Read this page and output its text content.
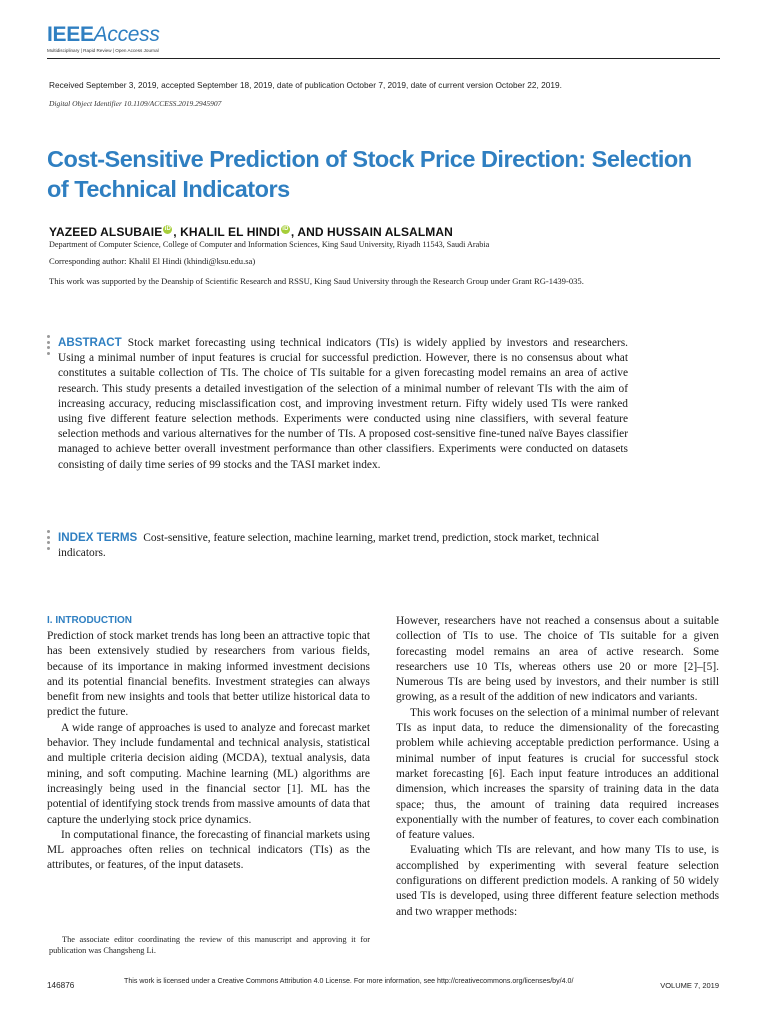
IEEEAccess
Multidisciplinary | Rapid Review | Open Access Journal
Received September 3, 2019, accepted September 18, 2019, date of publication October 7, 2019, date of current version October 22, 2019.
Digital Object Identifier 10.1109/ACCESS.2019.2945907
Cost-Sensitive Prediction of Stock Price Direction: Selection of Technical Indicators
YAZEED ALSUBAIE iD , KHALIL EL HINDI iD , AND HUSSAIN ALSALMAN
Department of Computer Science, College of Computer and Information Sciences, King Saud University, Riyadh 11543, Saudi Arabia
Corresponding author: Khalil El Hindi (khindi@ksu.edu.sa)
This work was supported by the Deanship of Scientific Research and RSSU, King Saud University through the Research Group under Grant RG-1439-035.
ABSTRACT Stock market forecasting using technical indicators (TIs) is widely applied by investors and researchers. Using a minimal number of input features is crucial for successful prediction. However, there is no consensus about what constitutes a suitable collection of TIs. The choice of TIs suitable for a given forecasting model remains an area of active research. This study presents a detailed investigation of the selection of a minimal number of relevant TIs with the aim of increasing accuracy, reducing misclassification cost, and improving investment return. Fifty widely used TIs were ranked using five different feature selection methods. Experiments were conducted using nine classifiers, with several feature selection methods and various alternatives for the number of TIs. A proposed cost-sensitive fine-tuned naïve Bayes classifier managed to achieve better overall investment performance than other classifiers. Experiments were conducted on datasets consisting of daily time series of 99 stocks and the TASI market index.
INDEX TERMS Cost-sensitive, feature selection, machine learning, market trend, prediction, stock market, technical indicators.
I. INTRODUCTION

Prediction of stock market trends has long been an attractive topic that has been extensively studied by researchers from various fields, because of its importance in making informed investment decisions and its potential financial benefits. Investment strategies can always benefit from new insights and tools that better utilize historical data to predict the future.

A wide range of approaches is used to analyze and forecast market behavior. They include fundamental and technical analysis, statistical and multiple criteria decision aiding (MCDA), textual analysis, data mining, and soft computing. Machine learning (ML) algorithms are increasingly being used in the financial sector [1]. ML has the potential of identifying stock trends from massive amounts of data that capture the underlying stock price dynamics.

In computational finance, the forecasting of financial markets using ML approaches often relies on technical indicators (TIs) as the attributes, or features, of the input datasets.

However, researchers have not reached a consensus about a suitable collection of TIs to use. The choice of TIs suitable for a given forecasting model remains an area of active research. Some researchers use 10 TIs, whereas others use 20 or more [2]–[5]. Numerous TIs are being used by investors, and their number is still growing, as a result of the addition of new indicators and variants.

This work focuses on the selection of a minimal number of relevant TIs as input data, to reduce the dimensionality of the forecasting problem while achieving acceptable prediction performance. Using a minimal number of input features is crucial for successful stock market forecasting [6]. Each input feature introduces an additional dimension, which increases the sparsity of training data in the data space; thus, the amount of training data required increases exponentially with the number of features, to cover each combination of feature values.

Evaluating which TIs are relevant, and how many TIs to use, is accomplished by experimenting with several feature selection configurations on different prediction models. A ranking of 50 widely used TIs is developed, using three different feature selection methods and two wrapper methods:

The associate editor coordinating the review of this manuscript and approving it for publication was Changsheng Li.
146876	This work is licensed under a Creative Commons Attribution 4.0 License. For more information, see http://creativecommons.org/licenses/by/4.0/	VOLUME 7, 2019
